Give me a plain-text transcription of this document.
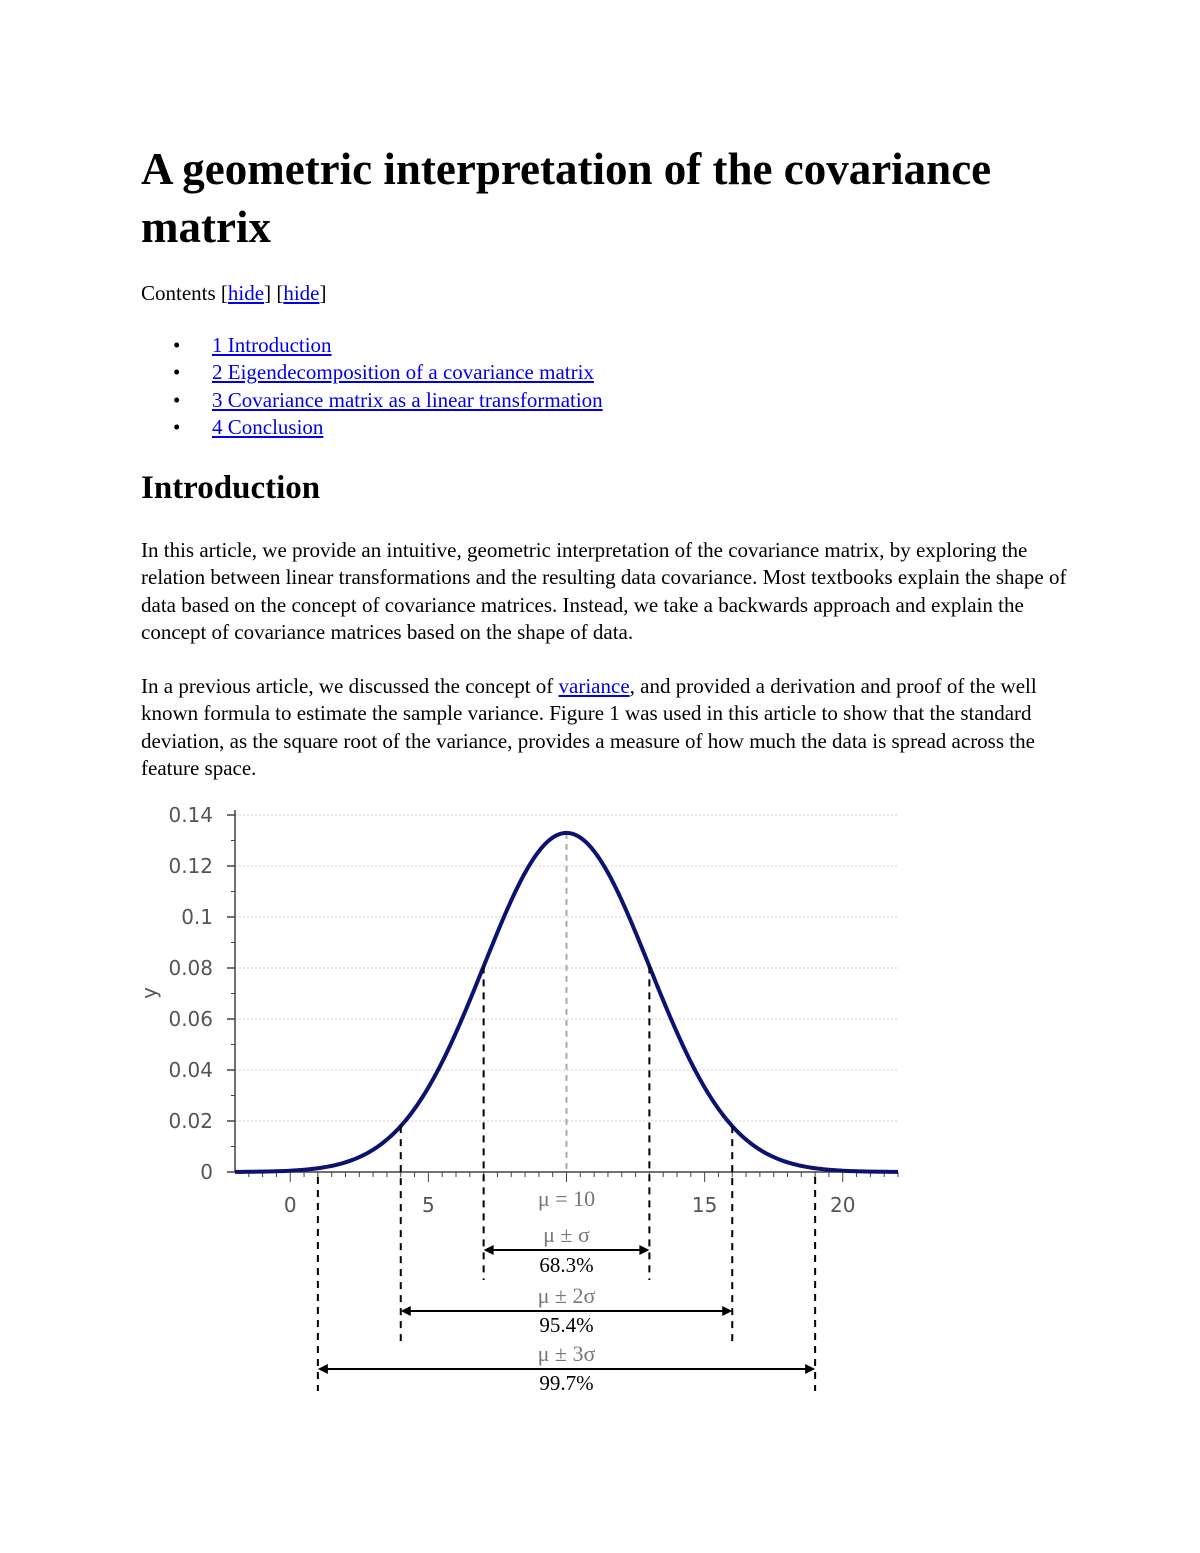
A geometric interpretation of the covariance matrix

Contents [hide] [hide]

• 1 Introduction
• 2 Eigendecomposition of a covariance matrix
• 3 Covariance matrix as a linear transformation
• 4 Conclusion
Introduction

In this article, we provide an intuitive, geometric interpretation of the covariance matrix, by exploring the relation between linear transformations and the resulting data covariance. Most textbooks explain the shape of data based on the concept of covariance matrices. Instead, we take a backwards approach and explain the concept of covariance matrices based on the shape of data.

In a previous article, we discussed the concept of variance, and provided a derivation and proof of the well known formula to estimate the sample variance. Figure 1 was used in this article to show that the standard deviation, as the square root of the variance, provides a measure of how much the data is spread across the feature space.

0
0.02
0.04
0.06
0.08
0.1
0.12
0.14
y
0	5	15	20
μ = 10
μ ± σ
68.3%
μ ± 2σ
95.4%
μ ± 3σ
99.7%
